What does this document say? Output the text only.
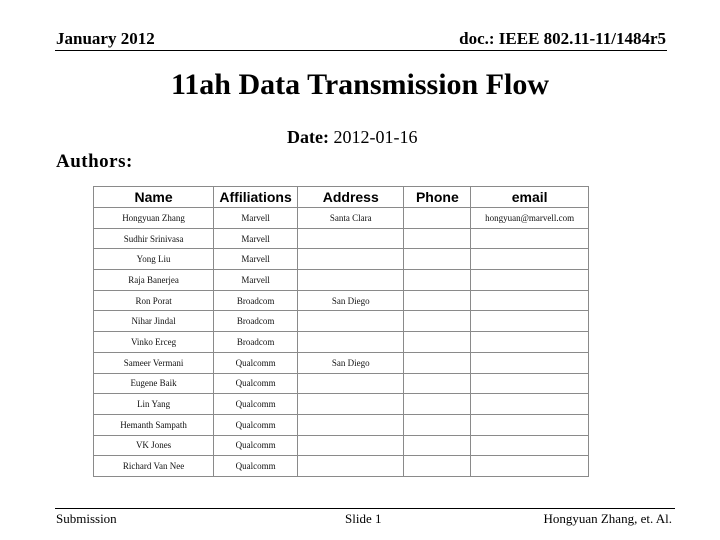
January 2012	doc.: IEEE 802.11-11/1484r5
11ah Data Transmission Flow
Date: 2012-01-16
Authors:
Name	Affiliations	Address	Phone	email
Hongyuan Zhang	Marvell	Santa Clara		hongyuan@marvell.com
Sudhir Srinivasa	Marvell			
Yong Liu	Marvell			
Raja Banerjea	Marvell			
Ron Porat	Broadcom	San Diego		
Nihar Jindal	Broadcom			
Vinko Erceg	Broadcom			
Sameer Vermani	Qualcomm	San Diego		
Eugene Baik	Qualcomm			
Lin Yang	Qualcomm			
Hemanth Sampath	Qualcomm			
VK Jones	Qualcomm			
Richard Van Nee	Qualcomm			
Submission	Slide 1	Hongyuan Zhang, et. Al.
